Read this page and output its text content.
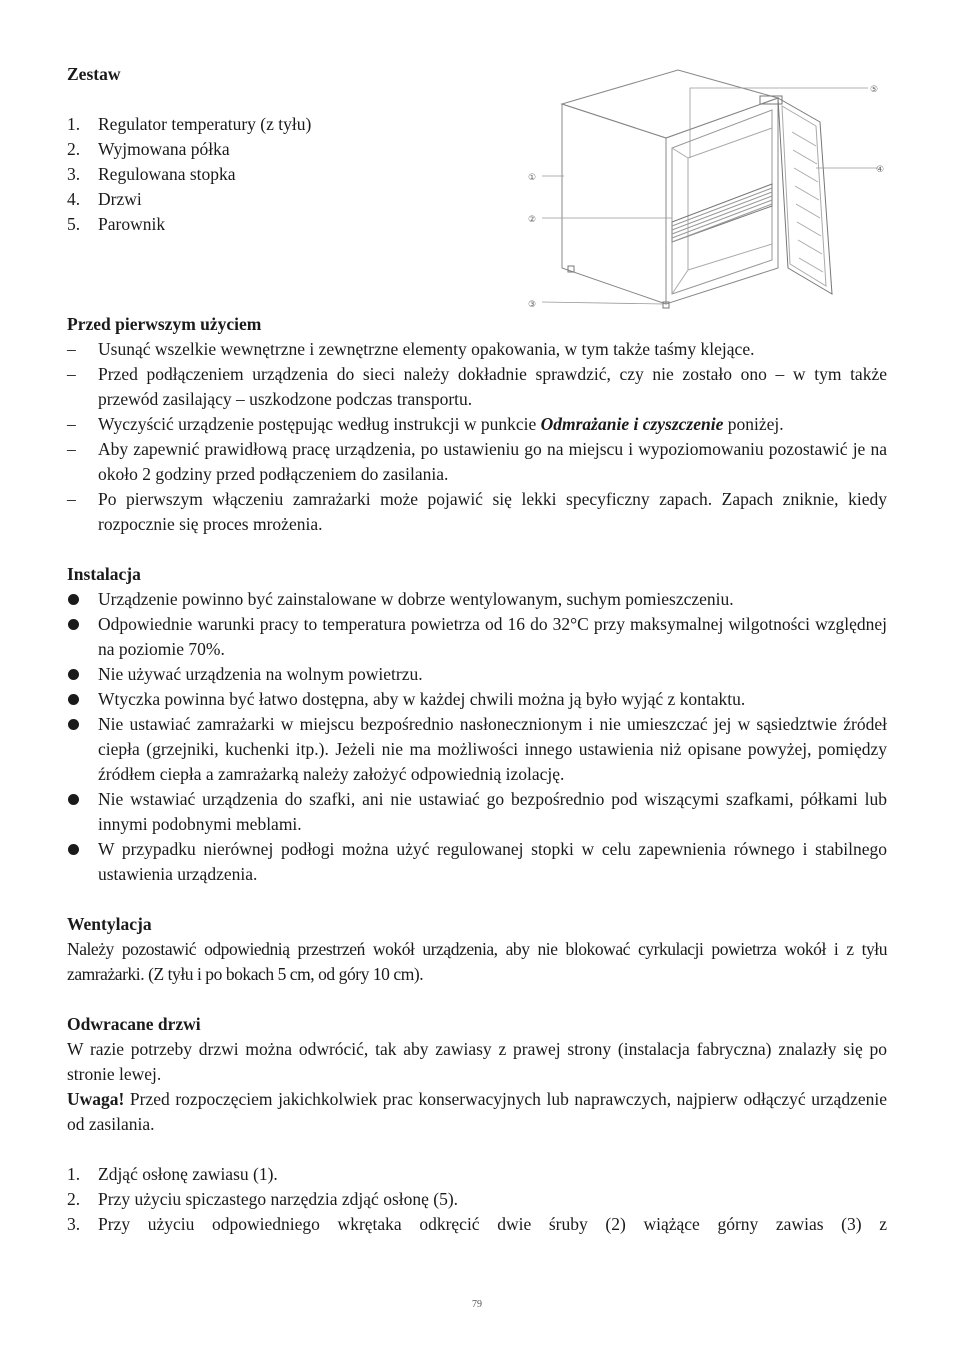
①
②
③
④
⑤

Zestaw

1.	Regulator temperatury (z tyłu)
2.	Wyjmowana półka
3.	Regulowana stopka
4.	Drzwi
5.	Parownik

Przed pierwszym użyciem

–	Usunąć wszelkie wewnętrzne i zewnętrzne elementy opakowania, w tym także taśmy klejące.
–	Przed podłączeniem urządzenia do sieci należy dokładnie sprawdzić, czy nie zostało ono – w tym także przewód zasilający – uszkodzone podczas transportu.
–	Wyczyścić urządzenie postępując według instrukcji w punkcie Odmrażanie i czyszczenie poniżej.
–	Aby zapewnić prawidłową pracę urządzenia, po ustawieniu go na miejscu i wypoziomowaniu pozostawić je na około 2 godziny przed podłączeniem do zasilania.
–	Po pierwszym włączeniu zamrażarki może pojawić się lekki specyficzny zapach. Zapach zniknie, kiedy rozpocznie się proces mrożenia.

Instalacja

Urządzenie powinno być zainstalowane w dobrze wentylowanym, suchym pomieszczeniu.
Odpowiednie warunki pracy to temperatura powietrza od 16 do 32°C przy maksymalnej wilgotności względnej na poziomie 70%.
Nie używać urządzenia na wolnym powietrzu.
Wtyczka powinna być łatwo dostępna, aby w każdej chwili można ją było wyjąć z kontaktu.
Nie ustawiać zamrażarki w miejscu bezpośrednio nasłonecznionym i nie umieszczać jej w sąsiedztwie źródeł ciepła (grzejniki, kuchenki itp.). Jeżeli nie ma możliwości innego ustawienia niż opisane powyżej, pomiędzy źródłem ciepła a zamrażarką należy założyć odpowiednią izolację.
Nie wstawiać urządzenia do szafki, ani nie ustawiać go bezpośrednio pod wiszącymi szafkami, półkami lub innymi podobnymi meblami.
W przypadku nierównej podłogi można użyć regulowanej stopki w celu zapewnienia równego i stabilnego ustawienia urządzenia.

Wentylacja

Należy pozostawić odpowiednią przestrzeń wokół urządzenia, aby nie blokować cyrkulacji powietrza wokół i z tyłu zamrażarki. (Z tyłu i po bokach 5 cm, od góry 10 cm).

Odwracane drzwi

W razie potrzeby drzwi można odwrócić, tak aby zawiasy z prawej strony (instalacja fabryczna) znalazły się po stronie lewej.

Uwaga! Przed rozpoczęciem jakichkolwiek prac konserwacyjnych lub naprawczych, najpierw odłączyć urządzenie od zasilania.

1.	Zdjąć osłonę zawiasu (1).
2.	Przy użyciu spiczastego narzędzia zdjąć osłonę (5).
3.	Przy użyciu odpowiedniego wkrętaka odkręcić dwie śruby (2) wiążące górny zawias (3) z
79
